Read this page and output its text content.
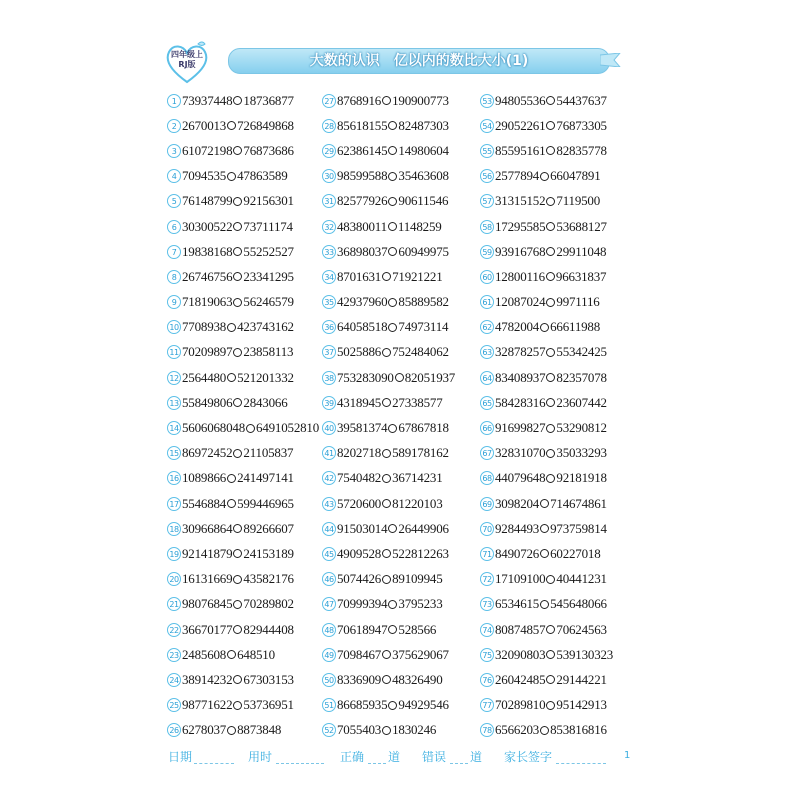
四年级上
RJ版	大数的认识 亿以内的数比大小(1)
1 73937448 18736877
2 2670013 726849868
3 61072198 76873686
4 7094535 47863589
5 76148799 92156301
6 30300522 73711174
7 19838168 55252527
8 26746756 23341295
9 71819063 56246579
10 7708938 423743162
11 70209897 23858113
12 2564480 521201332
13 55849806 2843066
14 5606068048 6491052810
15 86972452 21105837
16 1089866 241497141
17 5546884 599446965
18 30966864 89266607
19 92141879 24153189
20 16131669 43582176
21 98076845 70289802
22 36670177 82944408
23 2485608 648510
24 38914232 67303153
25 98771622 53736951
26 6278037 8873848
27 8768916 190900773
28 85618155 82487303
29 62386145 14980604
30 98599588 35463608
31 82577926 90611546
32 48380011 1148259
33 36898037 60949975
34 8701631 71921221
35 42937960 85889582
36 64058518 74973114
37 5025886 752484062
38 753283090 82051937
39 4318945 27338577
40 39581374 67867818
41 8202718 589178162
42 7540482 36714231
43 5720600 81220103
44 91503014 26449906
45 4909528 522812263
46 5074426 89109945
47 70999394 3795233
48 70618947 528566
49 7098467 375629067
50 8336909 48326490
51 86685935 94929546
52 7055403 1830246
53 94805536 54437637
54 29052261 76873305
55 85595161 82835778
56 2577894 66047891
57 31315152 7119500
58 17295585 53688127
59 93916768 29911048
60 12800116 96631837
61 12087024 9971116
62 4782004 66611988
63 32878257 55342425
64 83408937 82357078
65 58428316 23607442
66 91699827 53290812
67 32831070 35033293
68 44079648 92181918
69 3098204 714674861
70 9284493 973759814
71 8490726 60227018
72 17109100 40441231
73 6534615 545648066
74 80874857 70624563
75 32090803 539130323
76 26042485 29144221
77 70289810 95142913
78 6566203 853816816
日期	用时	正确 道 错误 道 家长签字	1
